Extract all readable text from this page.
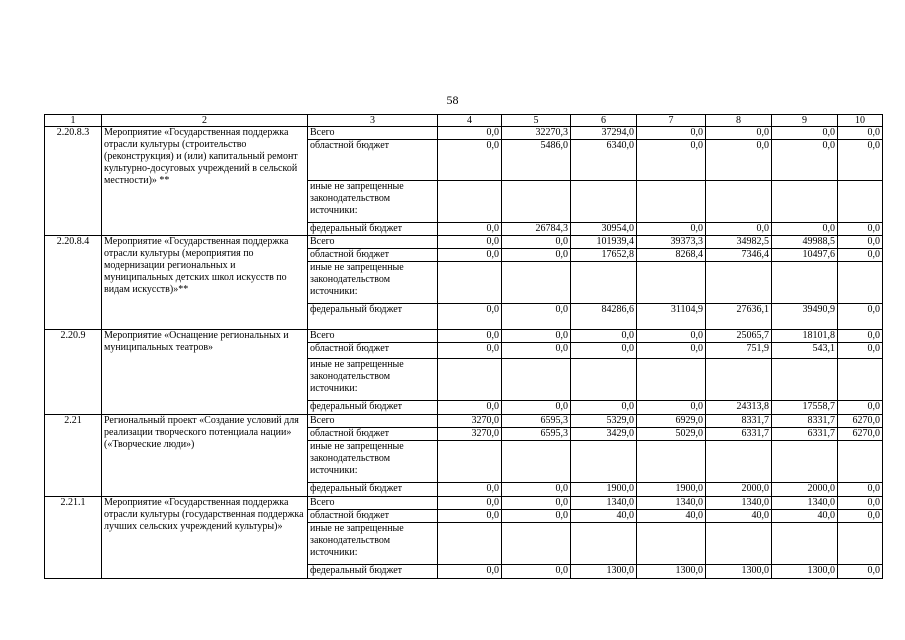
58
1	2	3	4	5	6	7	8	9	10
2.20.8.3	Мероприятие «Государственная поддержка отрасли культуры (строительство (реконструкция) и (или) капитальный ремонт культурно-досуговых учреждений в сельской местности)» **	Всего	0,0	32270,3	37294,0	0,0	0,0	0,0	0,0
		областной бюджет	0,0	5486,0	6340,0	0,0	0,0	0,0	0,0
		иные не запрещенные законодательством источники:							
		федеральный бюджет	0,0	26784,3	30954,0	0,0	0,0	0,0	0,0
2.20.8.4	Мероприятие «Государственная поддержка отрасли культуры (мероприятия по модернизации региональных и муниципальных детских школ искусств по видам искусств)»**	Всего	0,0	0,0	101939,4	39373,3	34982,5	49988,5	0,0
		областной бюджет	0,0	0,0	17652,8	8268,4	7346,4	10497,6	0,0
		иные не запрещенные законодательством источники:							
		федеральный бюджет	0,0	0,0	84286,6	31104,9	27636,1	39490,9	0,0
2.20.9	Мероприятие «Оснащение региональных и муниципальных театров»	Всего	0,0	0,0	0,0	0,0	25065,7	18101,8	0,0
		областной бюджет	0,0	0,0	0,0	0,0	751,9	543,1	0,0
		иные не запрещенные законодательством источники:							
		федеральный бюджет	0,0	0,0	0,0	0,0	24313,8	17558,7	0,0
2.21	Региональный проект «Создание условий для реализации творческого потенциала нации» («Творческие люди»)	Всего	3270,0	6595,3	5329,0	6929,0	8331,7	8331,7	6270,0
		областной бюджет	3270,0	6595,3	3429,0	5029,0	6331,7	6331,7	6270,0
		иные не запрещенные законодательством источники:							
		федеральный бюджет	0,0	0,0	1900,0	1900,0	2000,0	2000,0	0,0
2.21.1	Мероприятие «Государственная поддержка отрасли культуры (государственная поддержка лучших сельских учреждений культуры)»	Всего	0,0	0,0	1340,0	1340,0	1340,0	1340,0	0,0
		областной бюджет	0,0	0,0	40,0	40,0	40,0	40,0	0,0
		иные не запрещенные законодательством источники:							
		федеральный бюджет	0,0	0,0	1300,0	1300,0	1300,0	1300,0	0,0
